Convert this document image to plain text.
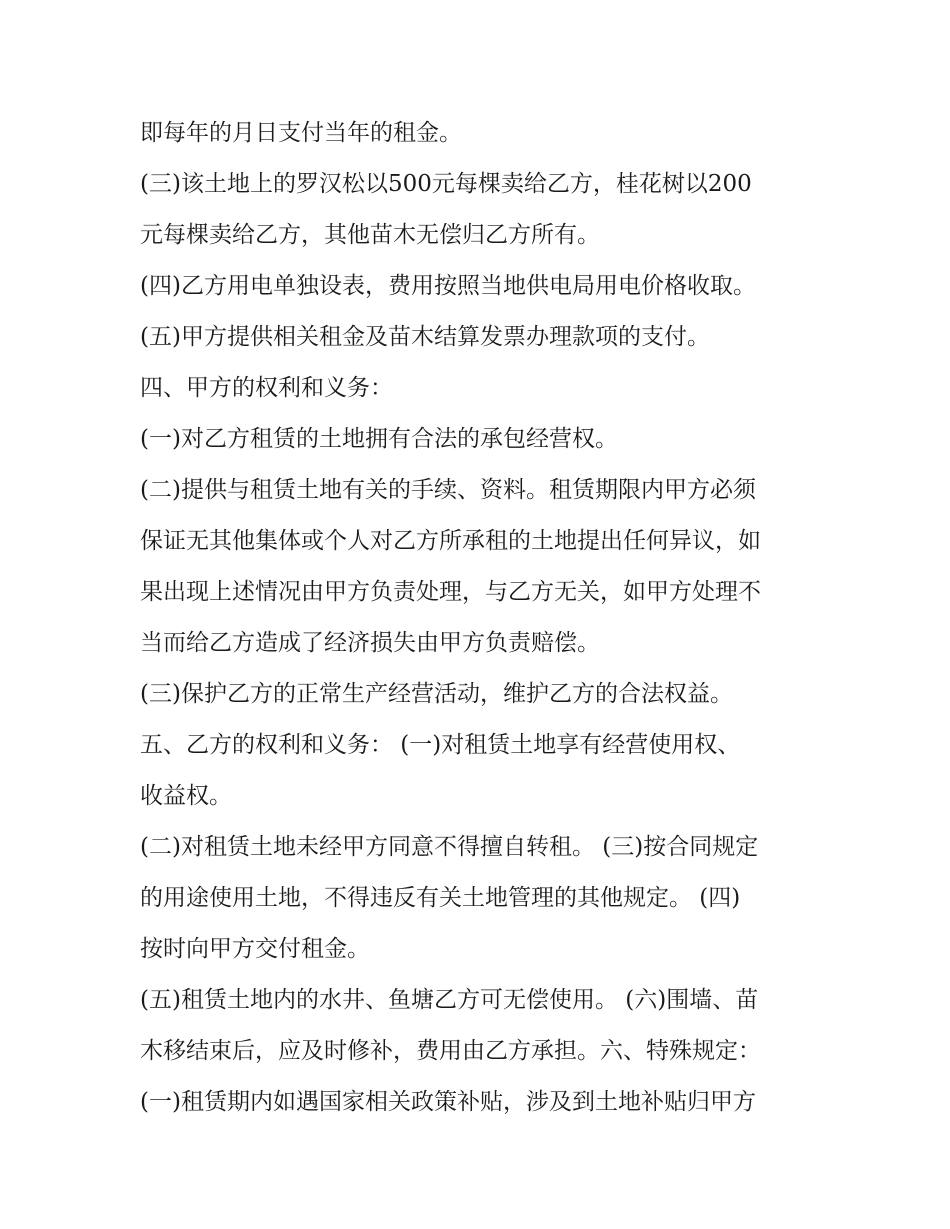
即每年的月日支付当年的租金。

(三)该土地上的罗汉松以500元每棵卖给乙方，桂花树以200

元每棵卖给乙方，其他苗木无偿归乙方所有。

(四)乙方用电单独设表，费用按照当地供电局用电价格收取。

(五)甲方提供相关租金及苗木结算发票办理款项的支付。

四、甲方的权利和义务：

(一)对乙方租赁的土地拥有合法的承包经营权。

(二)提供与租赁土地有关的手续、资料。租赁期限内甲方必须

保证无其他集体或个人对乙方所承租的土地提出任何异议，如

果出现上述情况由甲方负责处理，与乙方无关，如甲方处理不

当而给乙方造成了经济损失由甲方负责赔偿。

(三)保护乙方的正常生产经营活动，维护乙方的合法权益。

五、乙方的权利和义务： (一)对租赁土地享有经营使用权、

收益权。

(二)对租赁土地未经甲方同意不得擅自转租。 (三)按合同规定

的用途使用土地，不得违反有关土地管理的其他规定。 (四)

按时向甲方交付租金。

(五)租赁土地内的水井、鱼塘乙方可无偿使用。 (六)围墙、苗

木移结束后，应及时修补，费用由乙方承担。六、特殊规定：

(一)租赁期内如遇国家相关政策补贴，涉及到土地补贴归甲方
